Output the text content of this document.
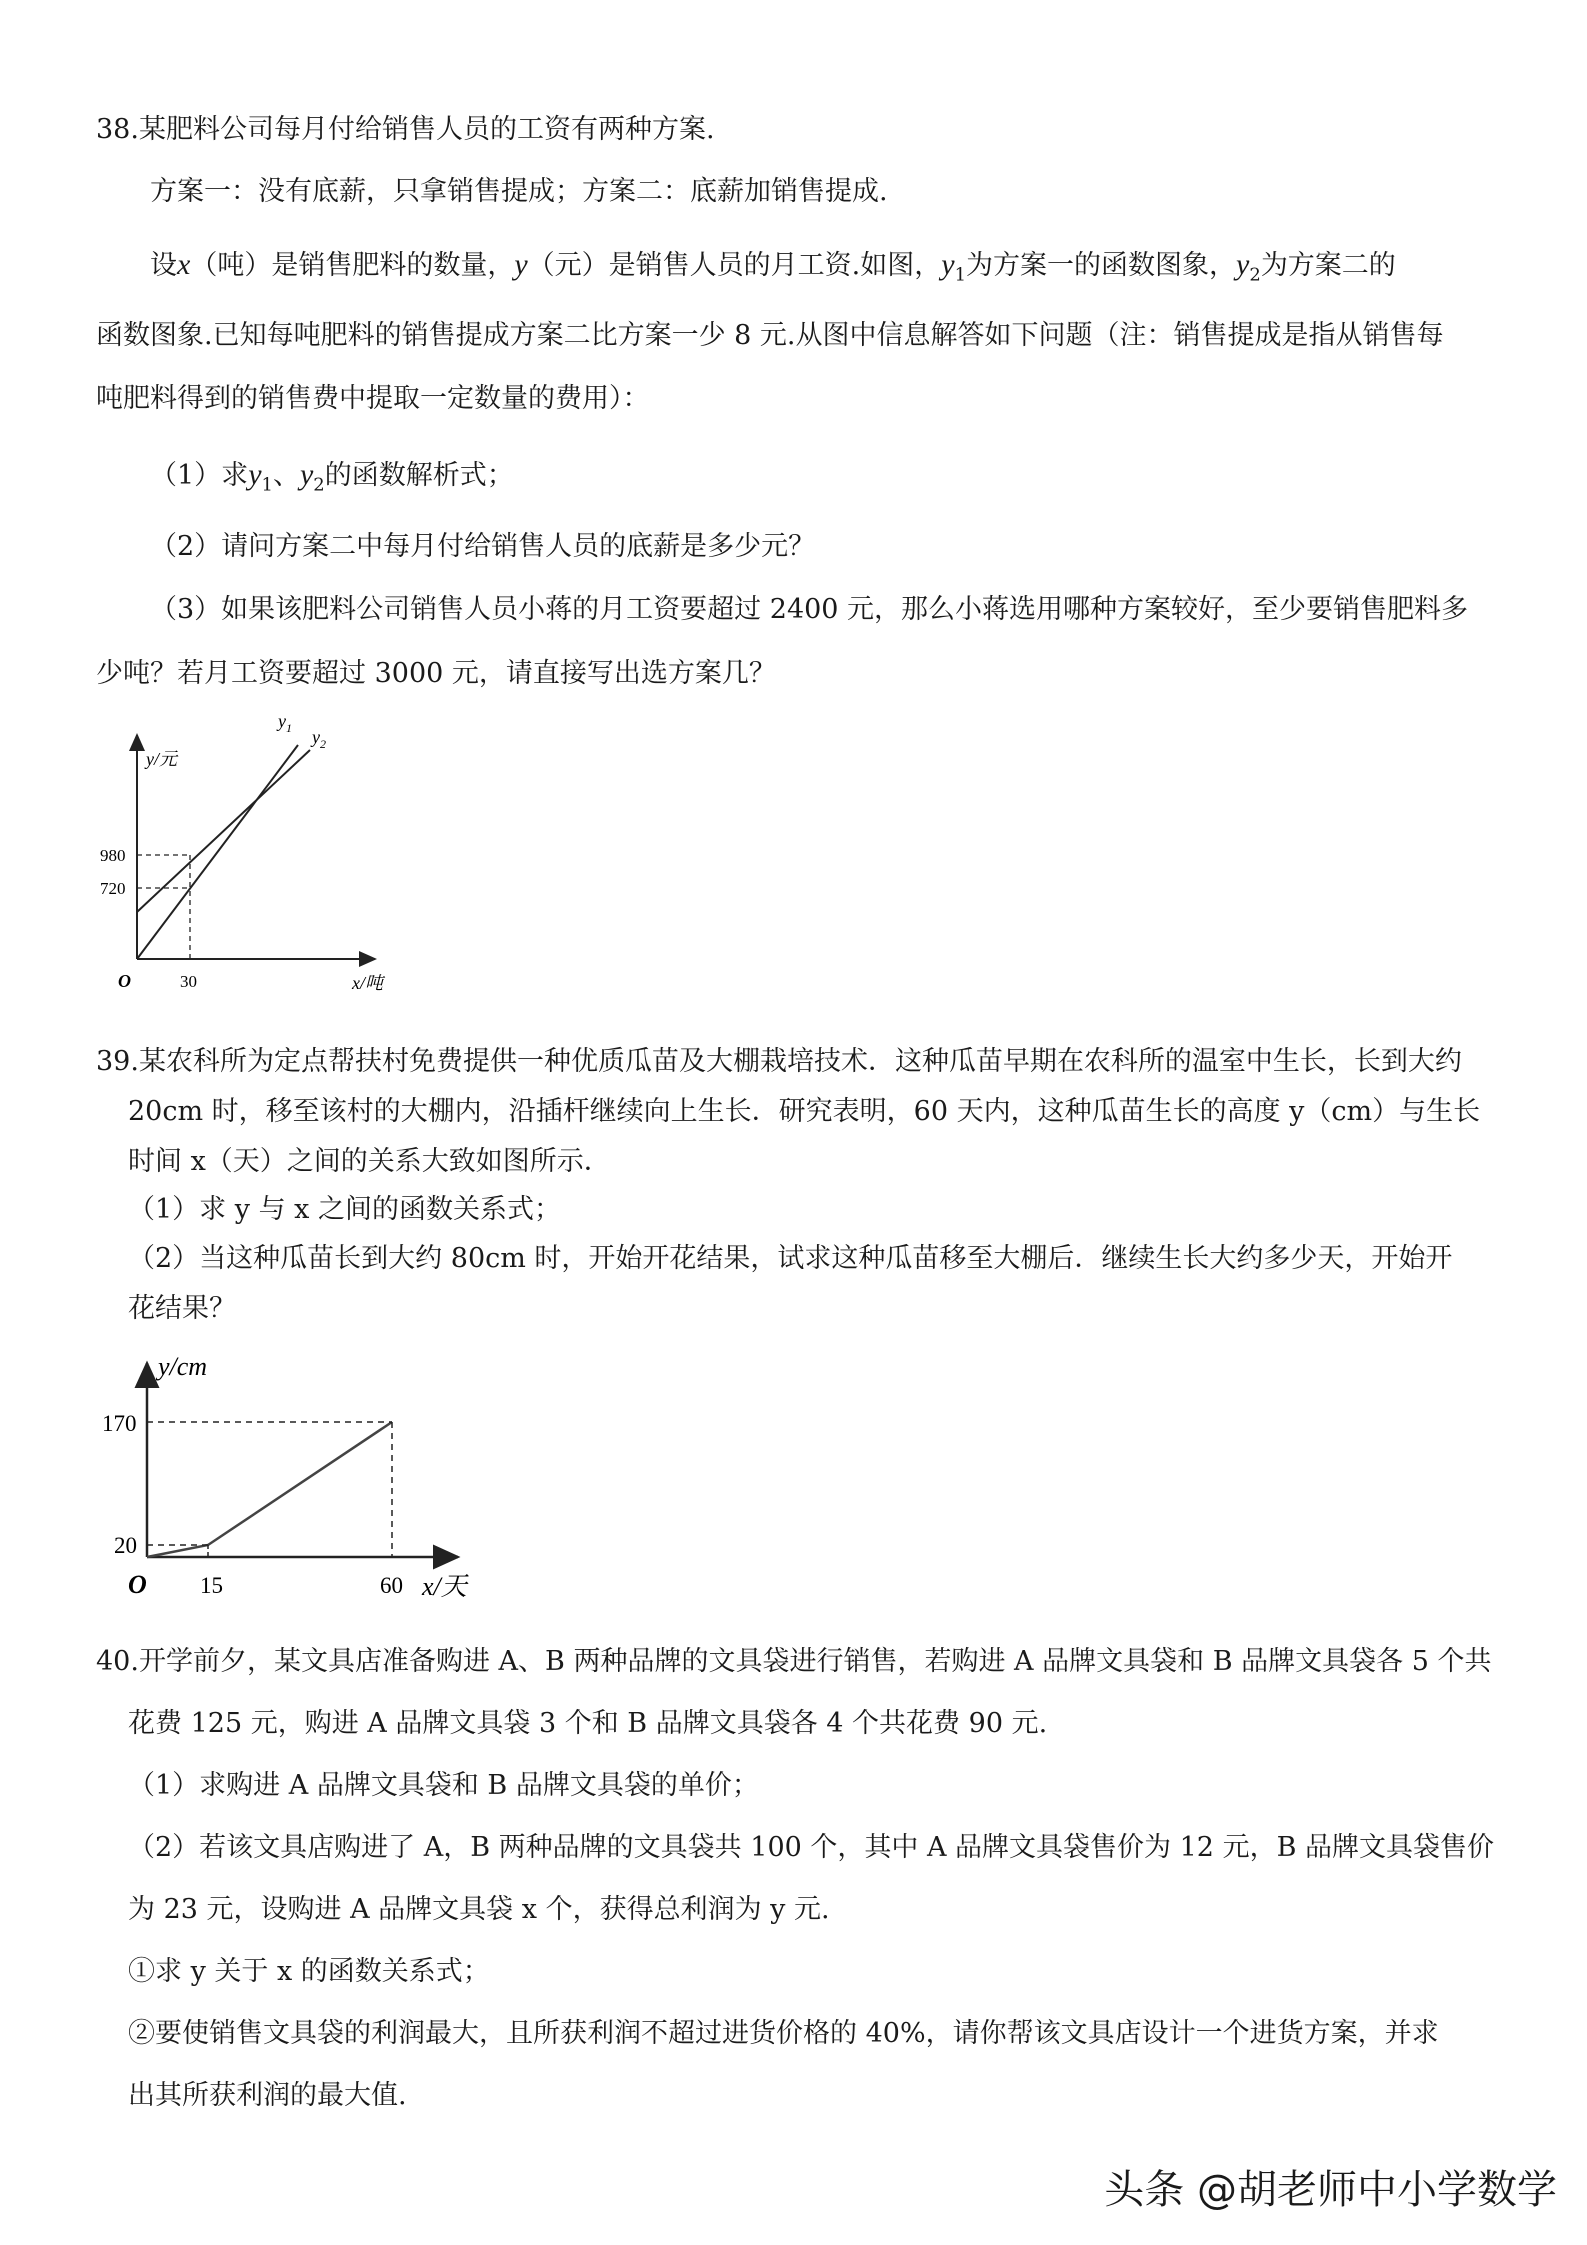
38.某肥料公司每月付给销售人员的工资有两种方案.
方案一：没有底薪，只拿销售提成；方案二：底薪加销售提成.
设x（吨）是销售肥料的数量，y（元）是销售人员的月工资.如图，$y_1$为方案一的函数图象，$y_2$为方案二的
函数图象.已知每吨肥料的销售提成方案二比方案一少 8 元.从图中信息解答如下问题（注：销售提成是指从销售每
吨肥料得到的销售费中提取一定数量的费用）：
（1）求$y_1$、$y_2$的函数解析式；
（2）请问方案二中每月付给销售人员的底薪是多少元？
（3）如果该肥料公司销售人员小蒋的月工资要超过 2400 元，那么小蒋选用哪种方案较好，至少要销售肥料多
少吨？若月工资要超过 3000 元，请直接写出选方案几？
y/元
x/吨
O
980
720
30
$y_1$ $y_2$
39.某农科所为定点帮扶村免费提供一种优质瓜苗及大棚栽培技术．这种瓜苗早期在农科所的温室中生长，长到大约
20cm 时，移至该村的大棚内，沿插杆继续向上生长．研究表明，60 天内，这种瓜苗生长的高度 y（cm）与生长
时间 x（天）之间的关系大致如图所示．
（1）求 y 与 x 之间的函数关系式；
（2）当这种瓜苗长到大约 80cm 时，开始开花结果，试求这种瓜苗移至大棚后．继续生长大约多少天，开始开
花结果？
y/cm
x/天
O
170
20
15	60
40.开学前夕，某文具店准备购进 A、B 两种品牌的文具袋进行销售，若购进 A 品牌文具袋和 B 品牌文具袋各 5 个共
花费 125 元，购进 A 品牌文具袋 3 个和 B 品牌文具袋各 4 个共花费 90 元.
（1）求购进 A 品牌文具袋和 B 品牌文具袋的单价；
（2）若该文具店购进了 A，B 两种品牌的文具袋共 100 个，其中 A 品牌文具袋售价为 12 元，B 品牌文具袋售价
为 23 元，设购进 A 品牌文具袋 x 个，获得总利润为 y 元.
①求 y 关于 x 的函数关系式；
②要使销售文具袋的利润最大，且所获利润不超过进货价格的 40%，请你帮该文具店设计一个进货方案，并求
出其所获利润的最大值.
头条 @胡老师中小学数学
